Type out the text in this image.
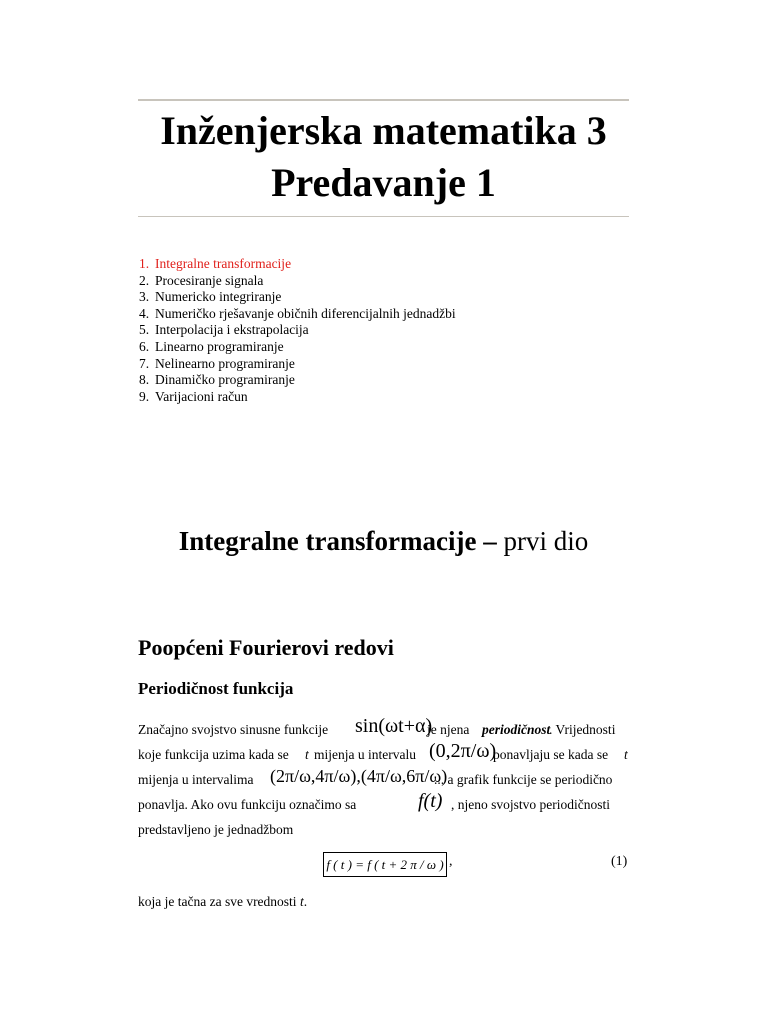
Inženjerska matematika 3
Predavanje 1
1. Integralne transformacije
2. Procesiranje signala
3. Numericko integriranje
4. Numeričko rješavanje običnih diferencijalnih jednadžbi
5. Interpolacija i ekstrapolacija
6. Linearno programiranje
7. Nelinearno programiranje
8. Dinamičko programiranje
9. Varijacioni račun
Integralne transformacije – prvi dio
Poopćeni Fourierovi redovi
Periodičnost funkcija
Značajno svojstvo sinusne funkcije sin(ωt+α)
je njena periodičnost
. Vrijednosti
koje funkcija uzima kada se t mijenja u intervalu (0,2π/ω)
ponavljaju se kada se t
mijenja u intervalima (2π/ω,4π/ω),(4π/ω,6π/ω)
... a grafik funkcije se periodično
ponavlja. Ako ovu funkciju označimo sa	f(t) , njeno svojstvo periodičnosti
predstavljeno je jednadžbom
f ( t ) = f ( t + 2 π / ω ) ,	(1)
koja je tačna za sve vrednosti t.
